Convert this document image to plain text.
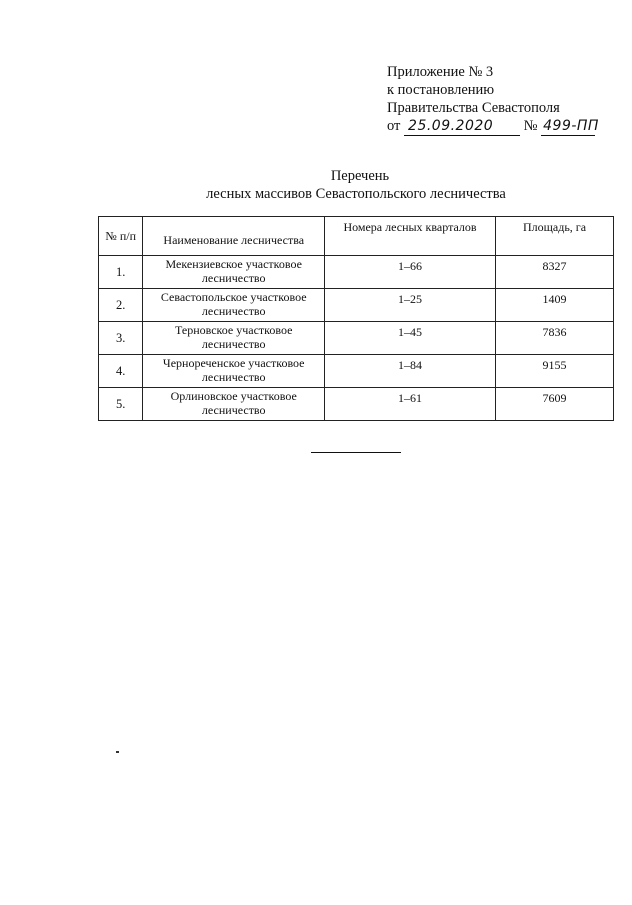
Приложение № 3
к постановлению
Правительства Севастополя
от 25.09.2020 № 499-ПП
Перечень
лесных массивов Севастопольского лесничества
№ п/п	Наименование лесничества	Номера лесных кварталов	Площадь, га
1.	Мекензиевское участковое лесничество	1–66	8327
2.	Севастопольское участковое лесничество	1–25	1409
3.	Терновское участковое лесничество	1–45	7836
4.	Чернореченское участковое лесничество	1–84	9155
5.	Орлиновское участковое лесничество	1–61	7609
